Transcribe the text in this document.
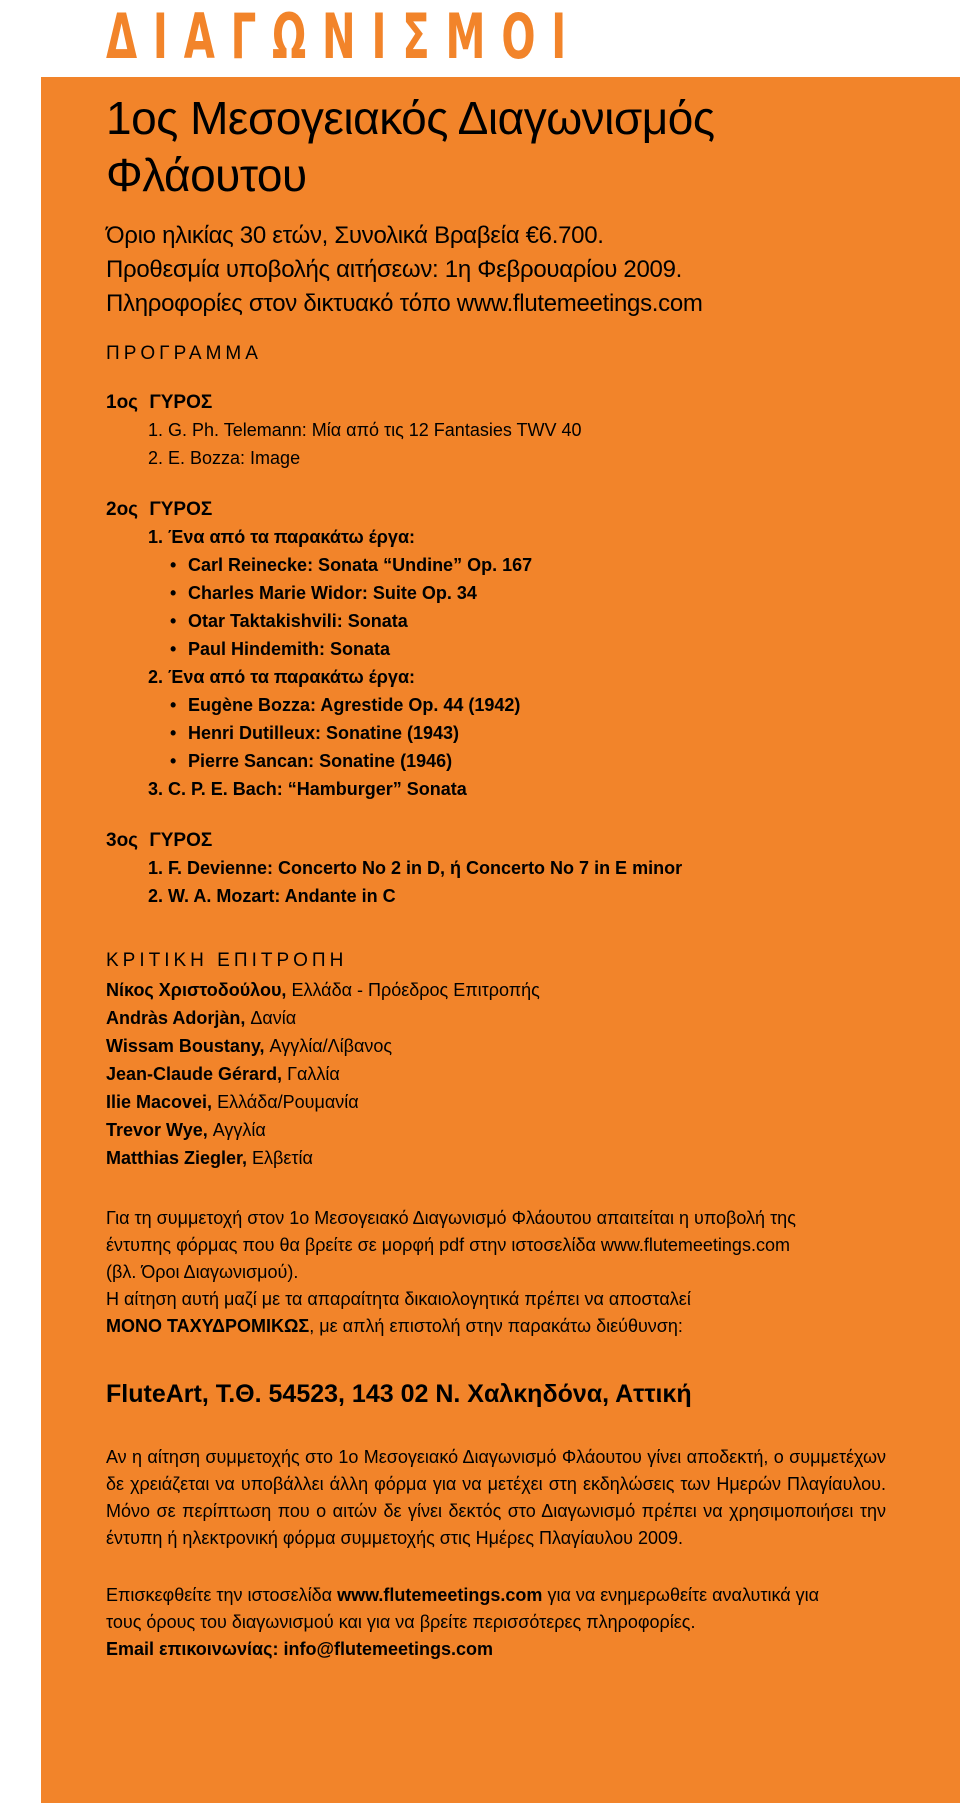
ΔΙΑΓΩΝΙΣΜΟΙ
1ος Μεσογειακός Διαγωνισμός
Φλάουτου

Όριο ηλικίας 30 ετών, Συνολικά Βραβεία €6.700.

Προθεσμία υποβολής αιτήσεων: 1η Φεβρουαρίου 2009.

Πληροφορίες στον δικτυακό τόπο www.flutemeetings.com

ΠΡΟΓΡΑΜΜΑ
1ος ΓΥΡΟΣ
1. G. Ph. Telemann: Μία από τις 12 Fantasies TWV 40
2. E. Bozza: Image
2ος ΓΥΡΟΣ
1. Ένα από τα παρακάτω έργα:
• Carl Reinecke: Sonata “Undine” Op. 167
• Charles Marie Widor: Suite Op. 34
• Otar Taktakishvili: Sonata
• Paul Hindemith: Sonata
2. Ένα από τα παρακάτω έργα:
• Eugène Bozza: Agrestide Op. 44 (1942)
• Henri Dutilleux: Sonatine (1943)
• Pierre Sancan: Sonatine (1946)
3. C. P. E. Bach: “Hamburger” Sonata
3ος ΓΥΡΟΣ
1. F. Devienne: Concerto No 2 in D, ή Concerto No 7 in E minor
2. W. A. Mozart: Andante in C
ΚΡΙΤΙΚΗ ΕΠΙΤΡΟΠΗ
Νίκος Χριστοδούλου, Ελλάδα - Πρόεδρος Επιτροπής
Andràs Adorjàn, Δανία
Wissam Boustany, Αγγλία/Λίβανος
Jean-Claude Gérard, Γαλλία
Ilie Macovei, Ελλάδα/Ρουμανία
Trevor Wye, Αγγλία
Matthias Ziegler, Ελβετία
Για τη συμμετοχή στον 1ο Μεσογειακό Διαγωνισμό Φλάουτου απαιτείται η υποβολή της
έντυπης φόρμας που θα βρείτε σε μορφή pdf στην ιστοσελίδα www.flutemeetings.com
(βλ. Όροι Διαγωνισμού).
Η αίτηση αυτή μαζί με τα απαραίτητα δικαιολογητικά πρέπει να αποσταλεί
ΜΟΝΟ ΤΑΧΥΔΡΟΜΙΚΩΣ, με απλή επιστολή στην παρακάτω διεύθυνση:
FluteArt, Τ.Θ. 54523, 143 02 Ν. Χαλκηδόνα, Αττική

Αν η αίτηση συμμετοχής στο 1ο Μεσογειακό Διαγωνισμό Φλάουτου γίνει αποδεκτή, ο συμμετέχων δε χρειάζεται να υποβάλλει άλλη φόρμα για να μετέχει στη εκδηλώσεις των Ημερών Πλαγίαυλου. Μόνο σε περίπτωση που ο αιτών δε γίνει δεκτός στο Διαγωνισμό πρέπει να χρησιμοποιήσει την έντυπη ή ηλεκτρονική φόρμα συμμετοχής στις Ημέρες Πλαγίαυλου 2009.

Επισκεφθείτε την ιστοσελίδα www.flutemeetings.com για να ενημερωθείτε αναλυτικά για
τους όρους του διαγωνισμού και για να βρείτε περισσότερες πληροφορίες.
Email επικοινωνίας: info@flutemeetings.com
